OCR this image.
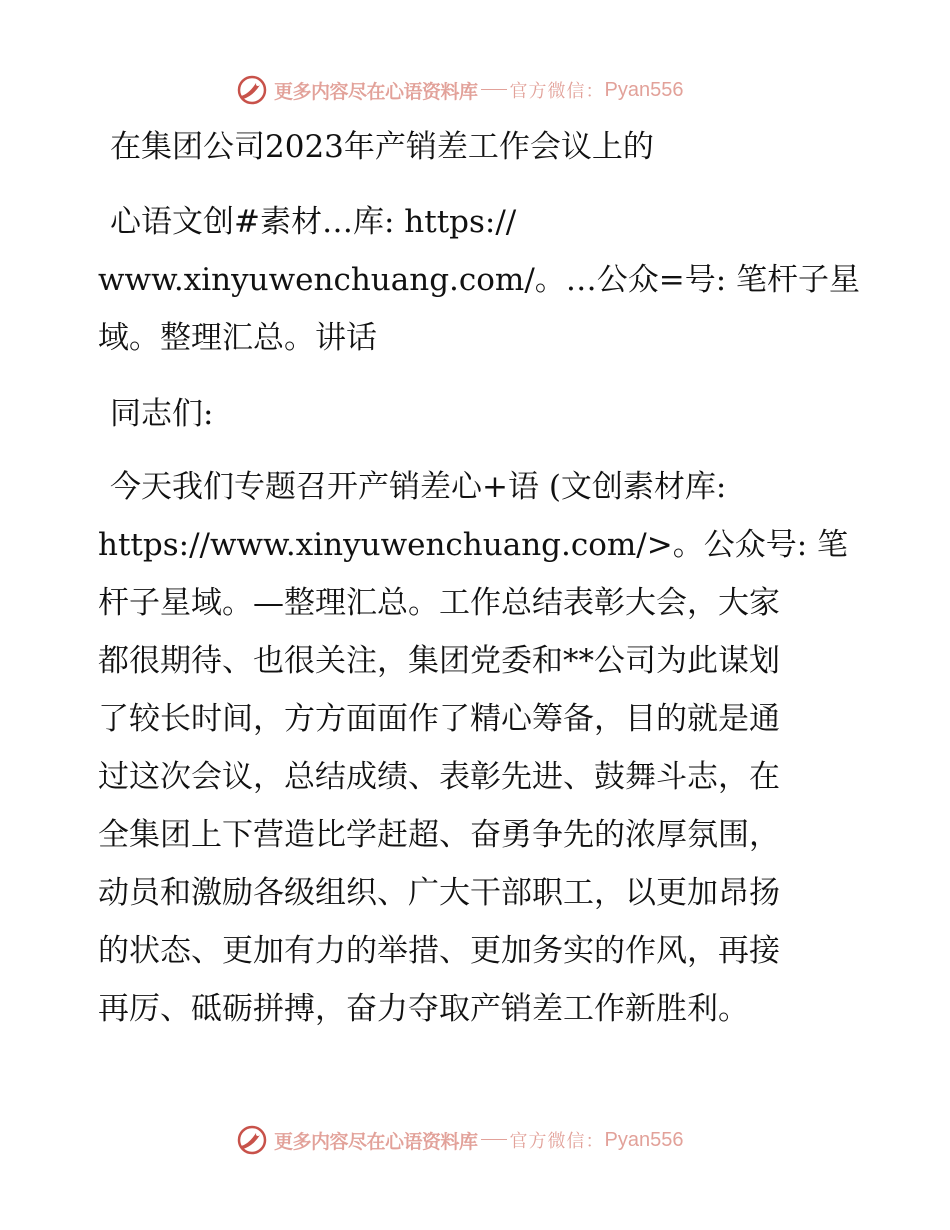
更多内容尽在心语资料库 官方微信： Pyan556

在集团公司2023年产销差工作会议上的

心语文创#素材…库: https://

www.xinyuwenchuang.com/。…公众=号: 笔杆子星

域。整理汇总。讲话

同志们:

今天我们专题召开产销差心+语 (文创素材库:

https://www.xinyuwenchuang.com/>。公众号: 笔

杆子星域。—整理汇总。工作总结表彰大会，大家

都很期待、也很关注，集团党委和**公司为此谋划

了较长时间，方方面面作了精心筹备，目的就是通

过这次会议，总结成绩、表彰先进、鼓舞斗志，在

全集团上下营造比学赶超、奋勇争先的浓厚氛围，

动员和激励各级组织、广大干部职工，以更加昂扬

的状态、更加有力的举措、更加务实的作风，再接

再厉、砥砺拼搏，奋力夺取产销差工作新胜利。

更多内容尽在心语资料库 官方微信： Pyan556
